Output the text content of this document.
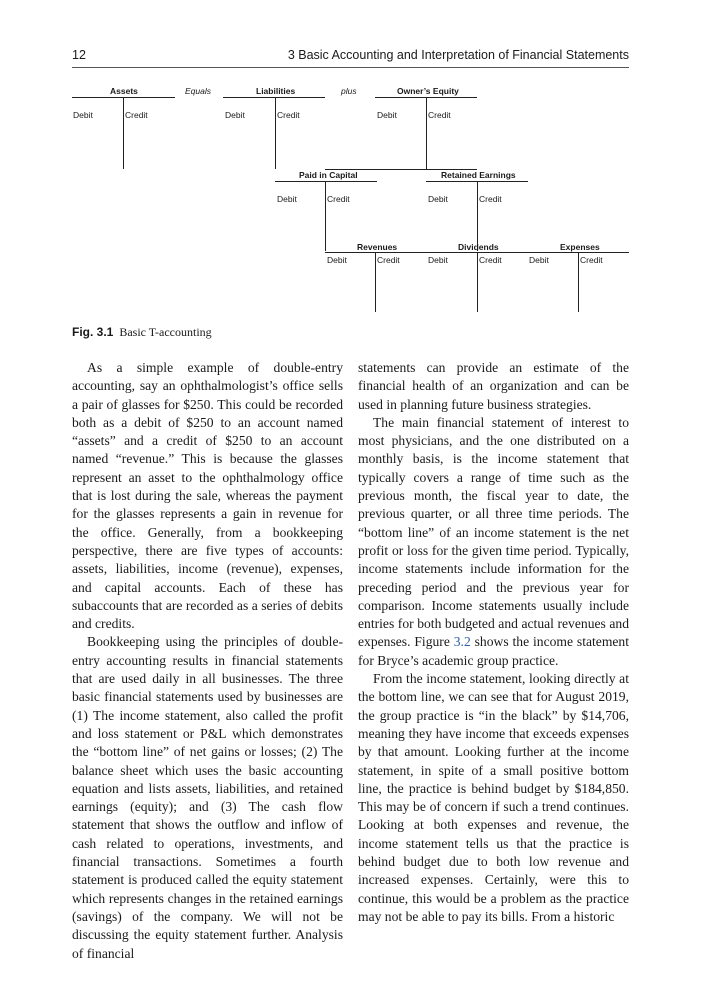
12	3 Basic Accounting and Interpretation of Financial Statements
Assets	Equals	Liabilities	plus	Owner’s Equity
Debit	Credit	Debit	Credit	Debit	Credit
Paid in Capital	Retained Earnings
Debit	Credit	Debit	Credit
Revenues	Dividends	Expenses
Debit	Credit	Debit	Credit	Debit	Credit
Fig. 3.1 Basic T-accounting

As a simple example of double-entry accounting, say an ophthalmologist’s office sells a pair of glasses for $250. This could be recorded both as a debit of $250 to an account named “assets” and a credit of $250 to an account named “revenue.” This is because the glasses represent an asset to the ophthalmology office that is lost during the sale, whereas the payment for the glasses represents a gain in revenue for the office. Generally, from a bookkeeping perspective, there are five types of accounts: assets, liabilities, income (revenue), expenses, and capital accounts. Each of these has subaccounts that are recorded as a series of debits and credits.

Bookkeeping using the principles of double-entry accounting results in financial statements that are used daily in all businesses. The three basic financial statements used by businesses are (1) The income statement, also called the profit and loss statement or P&L which demonstrates the “bottom line” of net gains or losses; (2) The balance sheet which uses the basic accounting equation and lists assets, liabilities, and retained earnings (equity); and (3) The cash flow statement that shows the outflow and inflow of cash related to operations, investments, and financial transactions. Sometimes a fourth statement is produced called the equity statement which represents changes in the retained earnings (savings) of the company. We will not be discussing the equity statement further. Analysis of financial

statements can provide an estimate of the financial health of an organization and can be used in planning future business strategies.

The main financial statement of interest to most physicians, and the one distributed on a monthly basis, is the income statement that typically covers a range of time such as the previous month, the fiscal year to date, the previous quarter, or all three time periods. The “bottom line” of an income statement is the net profit or loss for the given time period. Typically, income statements include information for the preceding period and the previous year for comparison. Income statements usually include entries for both budgeted and actual revenues and expenses. Figure 3.2 shows the income statement for Bryce’s academic group practice.

From the income statement, looking directly at the bottom line, we can see that for August 2019, the group practice is “in the black” by $14,706, meaning they have income that exceeds expenses by that amount. Looking further at the income statement, in spite of a small positive bottom line, the practice is behind budget by $184,850. This may be of concern if such a trend continues. Looking at both expenses and revenue, the income statement tells us that the practice is behind budget due to both low revenue and increased expenses. Certainly, were this to continue, this would be a problem as the practice may not be able to pay its bills. From a historic
